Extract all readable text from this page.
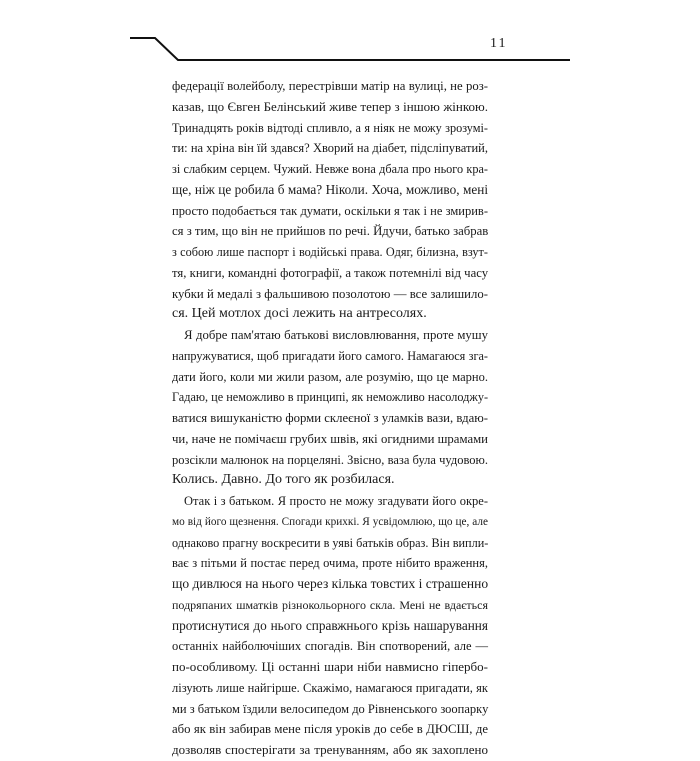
11
федерації волейболу, перестрівши матір на вулиці, не роз-
казав, що Євген Белінський живе тепер з іншою жінкою.
Тринадцять років відтоді спливло, а я ніяк не можу зрозумі-
ти: на хріна він їй здався? Хворий на діабет, підсліпуватий,
зі слабким серцем. Чужий. Невже вона дбала про нього кра-
ще, ніж це робила б мама? Ніколи. Хоча, можливо, мені
просто подобається так думати, оскільки я так і не змирив-
ся з тим, що він не прийшов по речі. Йдучи, батько забрав
з собою лише паспорт і водійські права. Одяг, білизна, взут-
тя, книги, командні фотографії, а також потемнілі від часу
кубки й медалі з фальшивою позолотою — все залишило-
ся. Цей мотлох досі лежить на антресолях.
Я добре пам'ятаю батькові висловлювання, проте мушу
напружуватися, щоб пригадати його самого. Намагаюся зга-
дати його, коли ми жили разом, але розумію, що це марно.
Гадаю, це неможливо в принципі, як неможливо насолоджу-
ватися вишуканістю форми склеєної з уламків вази, вдаю-
чи, наче не помічаєш грубих швів, які огидними шрамами
розсікли малюнок на порцеляні. Звісно, ваза була чудовою.
Колись. Давно. До того як розбилася.
Отак і з батьком. Я просто не можу згадувати його окре-
мо від його щезнення. Спогади крихкі. Я усвідомлюю, що це, але
однаково прагну воскресити в уяві батьків образ. Він випли-
ває з пітьми й постає перед очима, проте нібито враження,
що дивлюся на нього через кілька товстих і страшенно
подряпаних шматків різнокольорного скла. Мені не вдається
протиснутися до нього справжнього крізь нашарування
останніх найболючіших спогадів. Він спотворений, але —
по-особливому. Ці останні шари ніби навмисно гіпербо-
лізують лише найгірше. Скажімо, намагаюся пригадати, як
ми з батьком їздили велосипедом до Рівненського зоопарку
або як він забирав мене після уроків до себе в ДЮСШ, де
дозволяв спостерігати за тренуванням, або як захоплено
